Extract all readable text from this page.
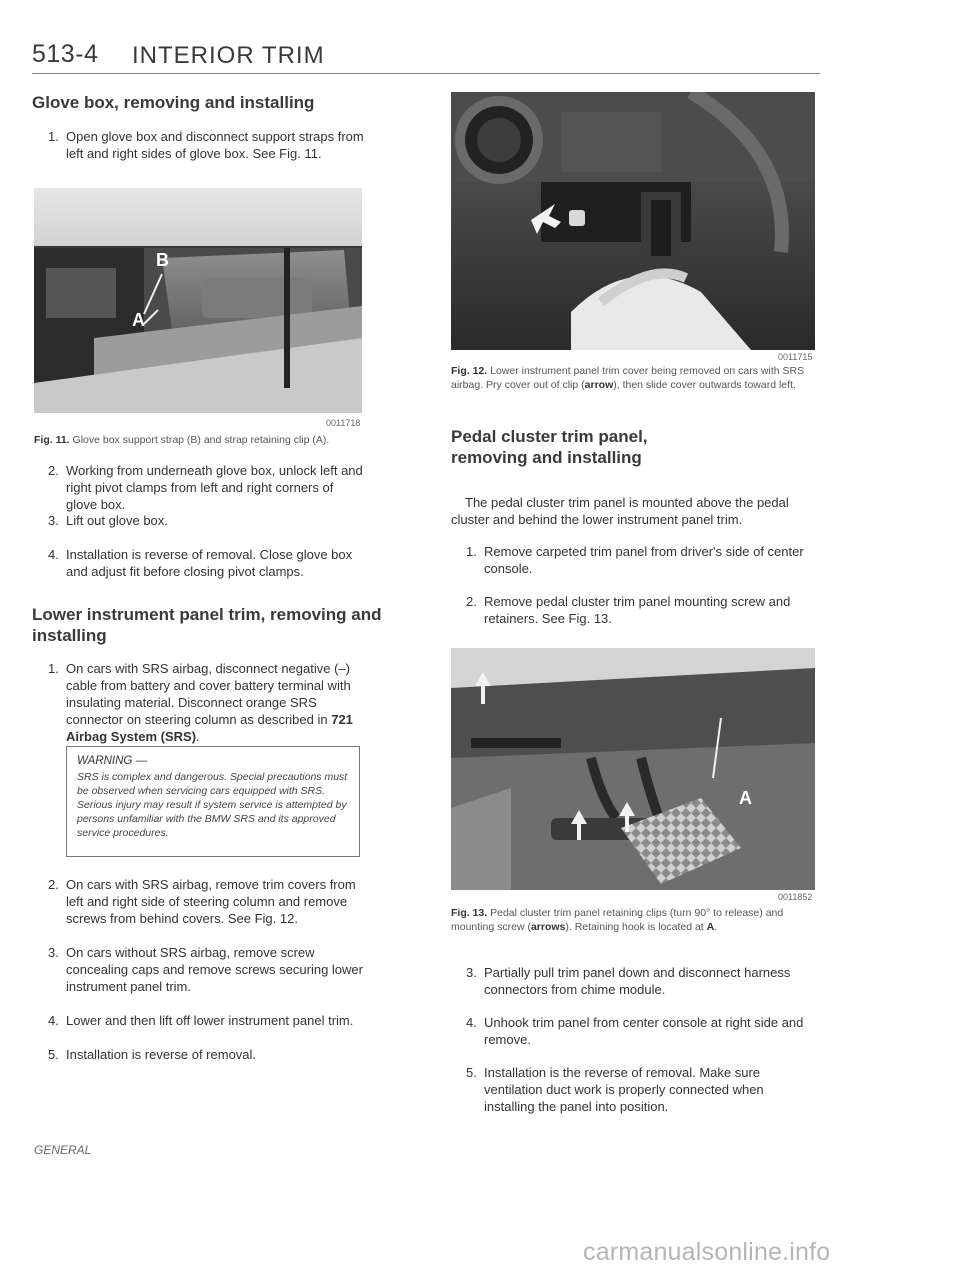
513-4 INTERIOR TRIM
Glove box, removing and installing
1. Open glove box and disconnect support straps from left and right sides of glove box. See Fig. 11.
B
A
0011718
Fig. 11. Glove box support strap (B) and strap retaining clip (A).
2. Working from underneath glove box, unlock left and right pivot clamps from left and right corners of glove box.
3. Lift out glove box.
4. Installation is reverse of removal. Close glove box and adjust fit before closing pivot clamps.
Lower instrument panel trim, removing and
installing
1. On cars with SRS airbag, disconnect negative (–) cable from battery and cover battery terminal with insulating material. Disconnect orange SRS connector on steering column as described in 721 Airbag System (SRS).
WARNING —
SRS is complex and dangerous. Special precautions must be observed when servicing cars equipped with SRS. Serious injury may result if system service is attempted by persons unfamiliar with the BMW SRS and its approved service procedures.
2. On cars with SRS airbag, remove trim covers from left and right side of steering column and remove screws from behind covers. See Fig. 12.
3. On cars without SRS airbag, remove screw concealing caps and remove screws securing lower instrument panel trim.
4. Lower and then lift off lower instrument panel trim.
5. Installation is reverse of removal.
GENERAL
0011715
Fig. 12. Lower instrument panel trim cover being removed on cars with SRS airbag. Pry cover out of clip (arrow), then slide cover outwards toward left.
Pedal cluster trim panel,
removing and installing

The pedal cluster trim panel is mounted above the pedal cluster and behind the lower instrument panel trim.

1. Remove carpeted trim panel from driver's side of center console.
2. Remove pedal cluster trim panel mounting screw and retainers. See Fig. 13.
A
0011852
Fig. 13. Pedal cluster trim panel retaining clips (turn 90° to release) and mounting screw (arrows). Retaining hook is located at A.
3. Partially pull trim panel down and disconnect harness connectors from chime module.
4. Unhook trim panel from center console at right side and remove.
5. Installation is the reverse of removal. Make sure ventilation duct work is properly connected when installing the panel into position.
carmanualsonline.info
